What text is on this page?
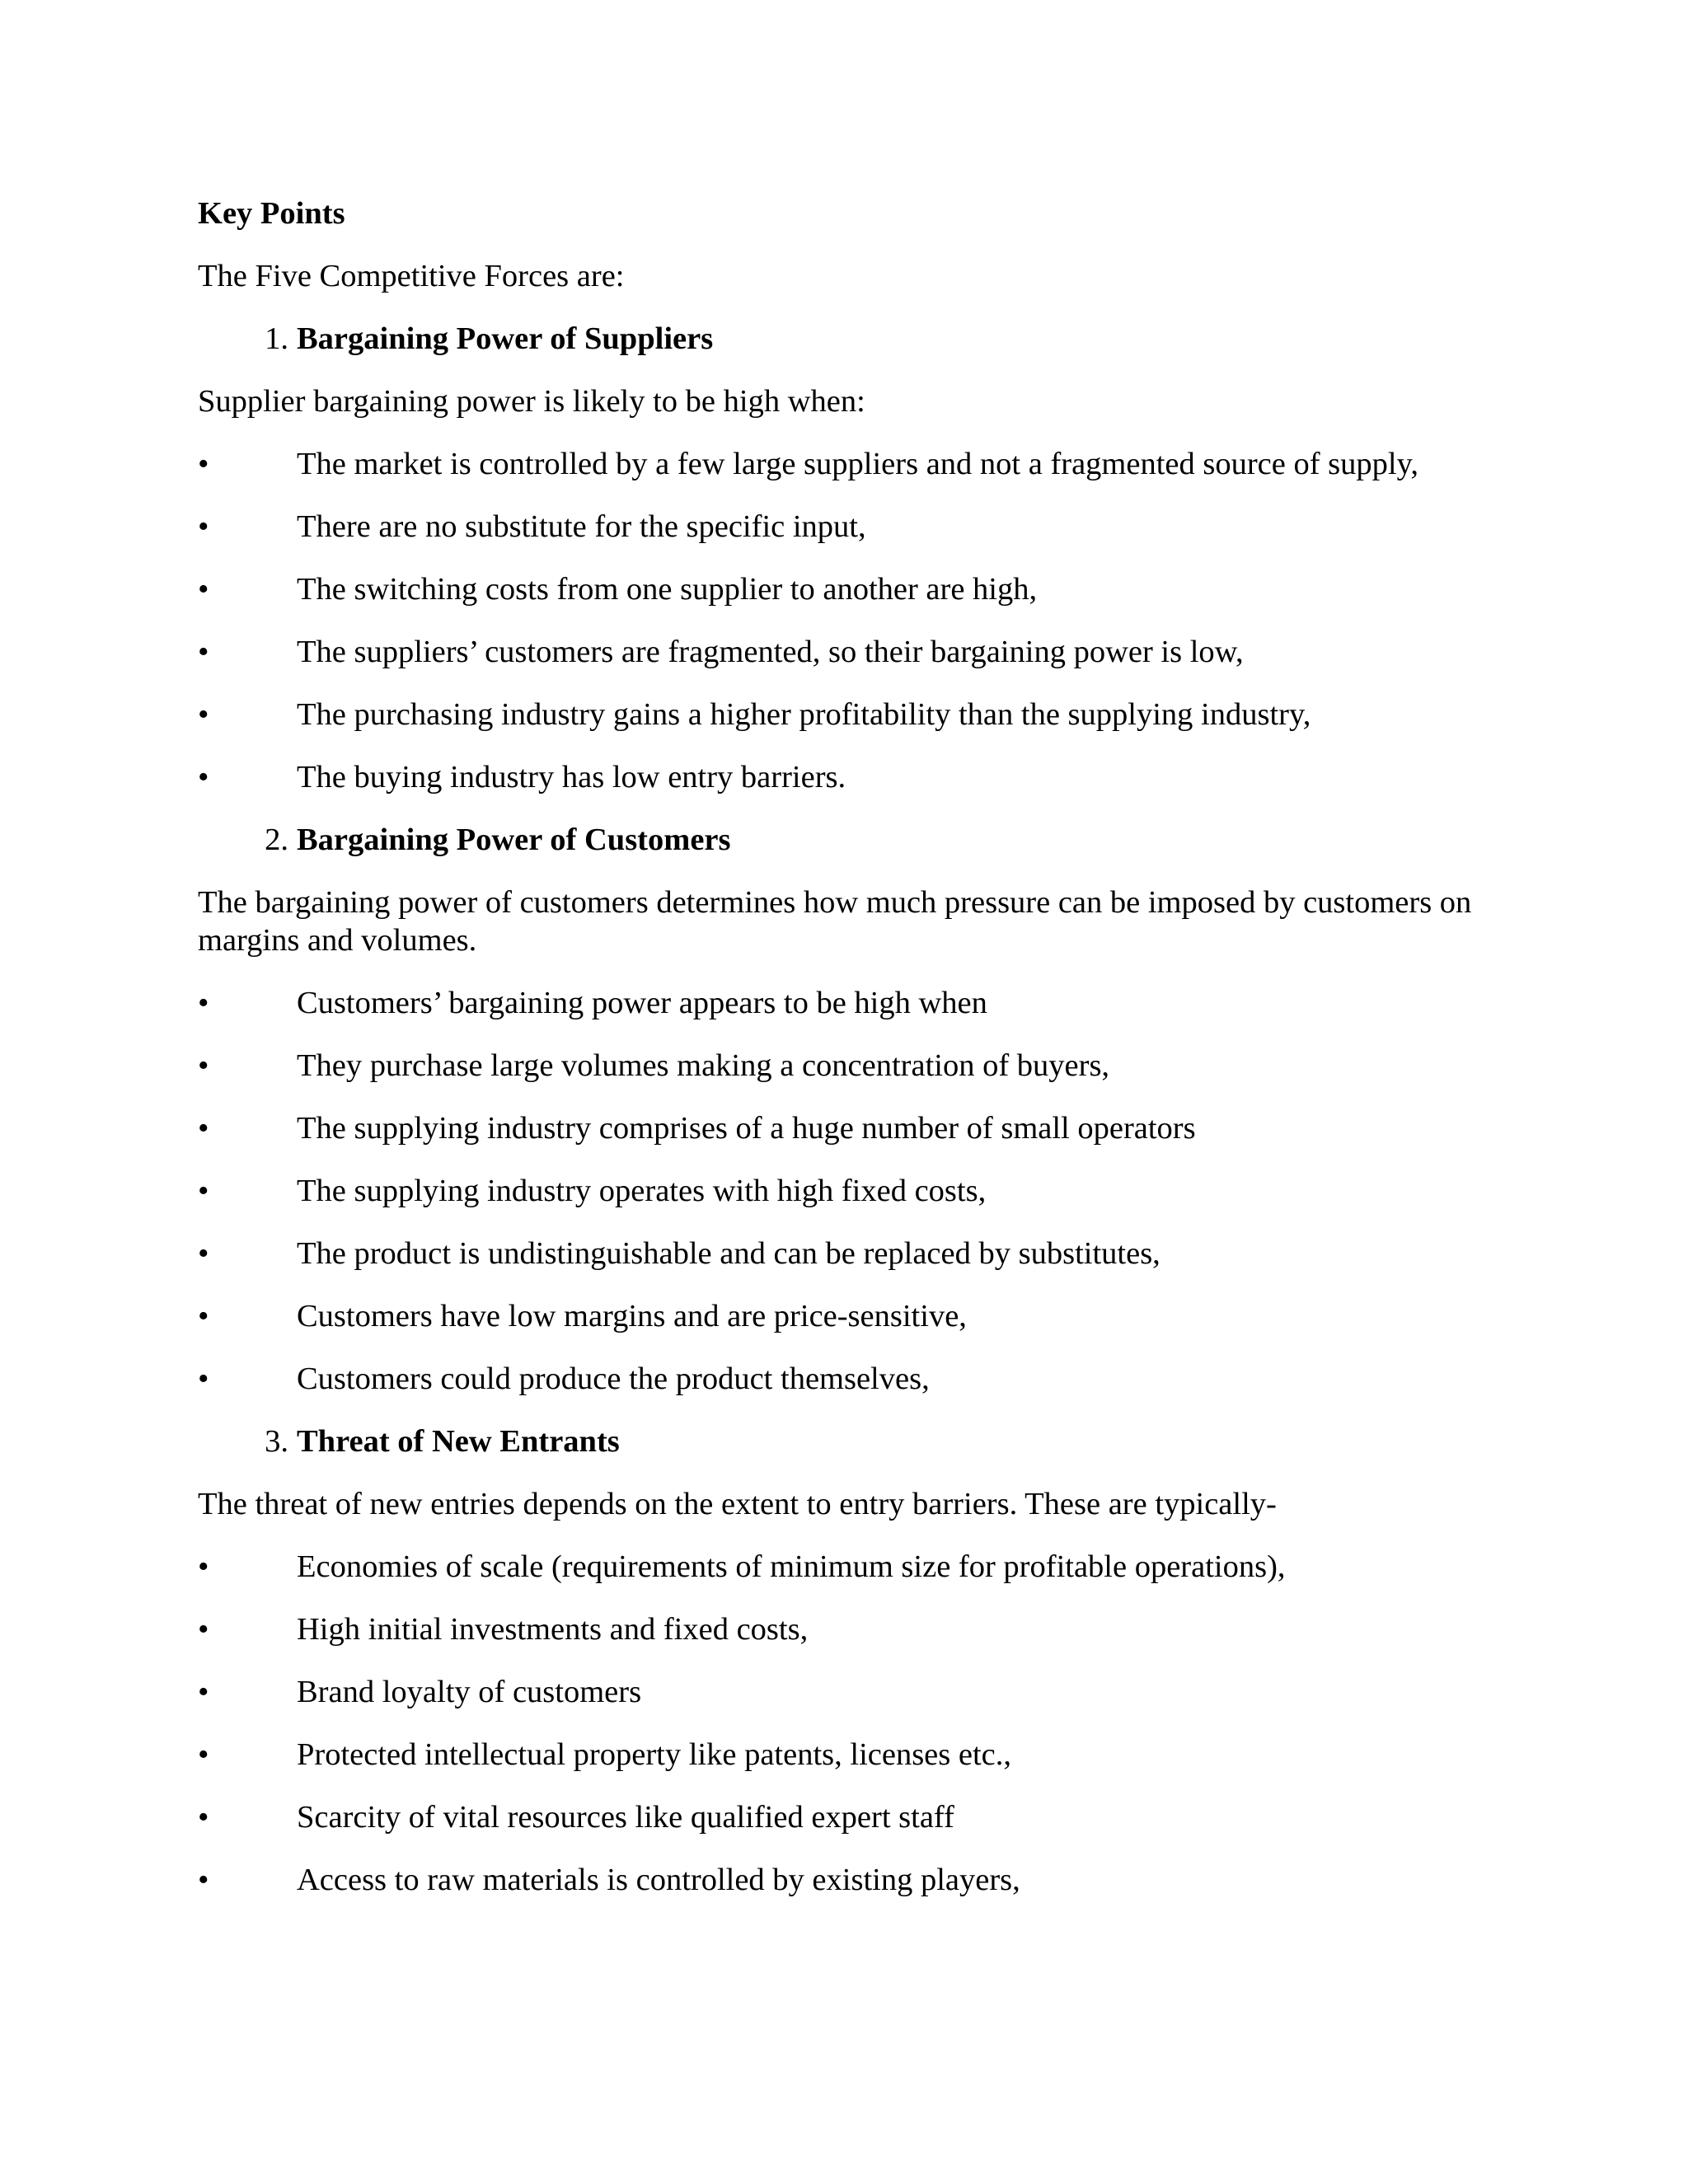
Key Points

The Five Competitive Forces are:

1. Bargaining Power of Suppliers

Supplier bargaining power is likely to be high when:

•	The market is controlled by a few large suppliers and not a fragmented source of supply,
•	There are no substitute for the specific input,
•	The switching costs from one supplier to another are high,
•	The suppliers’ customers are fragmented, so their bargaining power is low,
•	The purchasing industry gains a higher profitability than the supplying industry,
•	The buying industry has low entry barriers.
2. Bargaining Power of Customers

The bargaining power of customers determines how much pressure can be imposed by customers on margins and volumes.

•	Customers’ bargaining power appears to be high when
•	They purchase large volumes making a concentration of buyers,
•	The supplying industry comprises of a huge number of small operators
•	The supplying industry operates with high fixed costs,
•	The product is undistinguishable and can be replaced by substitutes,
•	Customers have low margins and are price-sensitive,
•	Customers could produce the product themselves,
3. Threat of New Entrants

The threat of new entries depends on the extent to entry barriers. These are typically-

•	Economies of scale (requirements of minimum size for profitable operations),
•	High initial investments and fixed costs,
•	Brand loyalty of customers
•	Protected intellectual property like patents, licenses etc.,
•	Scarcity of vital resources like qualified expert staff
•	Access to raw materials is controlled by existing players,
